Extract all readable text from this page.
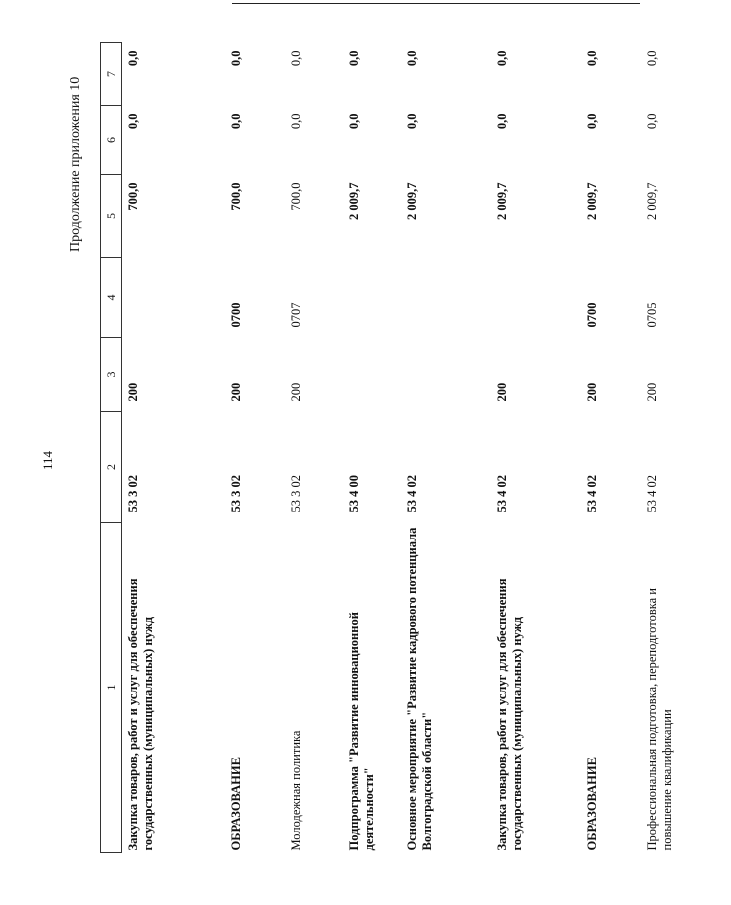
114
Продолжение приложения 10
1	2	3	4	5	6	7
Закупка товаров, работ и услуг для обеспечения государственных (муниципальных) нужд	53 3 02	200		700,0	0,0	0,0
ОБРАЗОВАНИЕ	53 3 02	200	0700	700,0	0,0	0,0
Молодежная политика	53 3 02	200	0707	700,0	0,0	0,0
Подпрограмма "Развитие инновационной деятельности"	53 4 00			2 009,7	0,0	0,0
Основное мероприятие "Развитие кадрового потенциала Волгоградской области"	53 4 02			2 009,7	0,0	0,0
Закупка товаров, работ и услуг для обеспечения государственных (муниципальных) нужд	53 4 02	200		2 009,7	0,0	0,0
ОБРАЗОВАНИЕ	53 4 02	200	0700	2 009,7	0,0	0,0
Профессиональная подготовка, переподготовка и повышение квалификации	53 4 02	200	0705	2 009,7	0,0	0,0
